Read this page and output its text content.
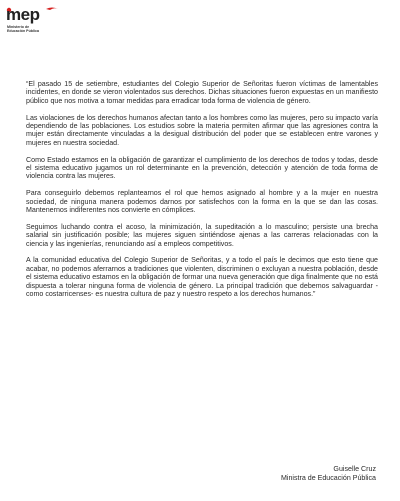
mep
Ministerio de
Educación Pública

“El pasado 15 de setiembre, estudiantes del Colegio Superior de Señoritas fueron víctimas de lamentables incidentes, en donde se vieron violentados sus derechos. Dichas situaciones fueron expuestas en un manifiesto público que nos motiva a tomar medidas para erradicar toda forma de violencia de género.

Las violaciones de los derechos humanos afectan tanto a los hombres como las mujeres, pero su impacto varía dependiendo de las poblaciones. Los estudios sobre la materia permiten afirmar que las agresiones contra la mujer están directamente vinculadas a la desigual distribución del poder que se establecen entre varones y mujeres en nuestra sociedad.

Como Estado estamos en la obligación de garantizar el cumplimiento de los derechos de todos y todas, desde el sistema educativo jugamos un rol determinante en la prevención, detección y atención de toda forma de violencia contra las mujeres.

Para conseguirlo debemos replantearnos el rol que hemos asignado al hombre y a la mujer en nuestra sociedad, de ninguna manera podemos darnos por satisfechos con la forma en la que se dan las cosas. Mantenernos indiferentes nos convierte en cómplices.

Seguimos luchando contra el acoso, la minimización, la supeditación a lo masculino; persiste una brecha salarial sin justificación posible; las mujeres siguen sintiéndose ajenas a las carreras relacionadas con la ciencia y las ingenierías, renunciando así a empleos competitivos.

A la comunidad educativa del Colegio Superior de Señoritas, y a todo el país le decimos que esto tiene que acabar, no podemos aferrarnos a tradiciones que violenten, discriminen o excluyan a nuestra población, desde el sistema educativo estamos en la obligación de formar una nueva generación que diga finalmente que no está dispuesta a tolerar ninguna forma de violencia de género. La principal tradición que debemos salvaguardar -como costarricenses- es nuestra cultura de paz y nuestro respeto a los derechos humanos.”

Guiselle Cruz
Ministra de Educación Pública
